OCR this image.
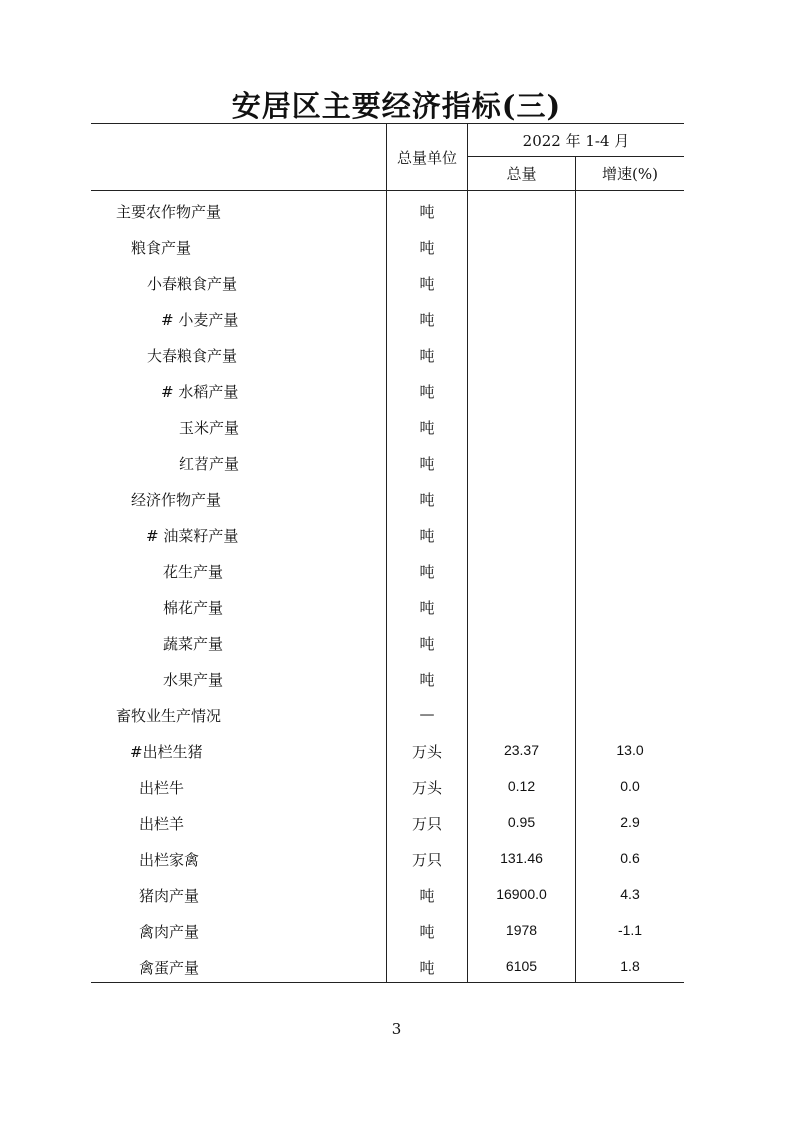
安居区主要经济指标(三)
总量单位
2022 年 1-4 月
总量	增速(%)
主要农作物产量	吨
粮食产量	吨
小春粮食产量	吨
# 小麦产量	吨
大春粮食产量	吨
# 水稻产量	吨
玉米产量	吨
红苕产量	吨
经济作物产量	吨
# 油菜籽产量	吨
花生产量	吨
棉花产量	吨
蔬菜产量	吨
水果产量	吨
畜牧业生产情况	—
#出栏生猪	万头	23.37	13.0
出栏牛	万头	0.12	0.0
出栏羊	万只	0.95	2.9
出栏家禽	万只	131.46	0.6
猪肉产量	吨	16900.0	4.3
禽肉产量	吨	1978	-1.1
禽蛋产量	吨	6105	1.8
3
